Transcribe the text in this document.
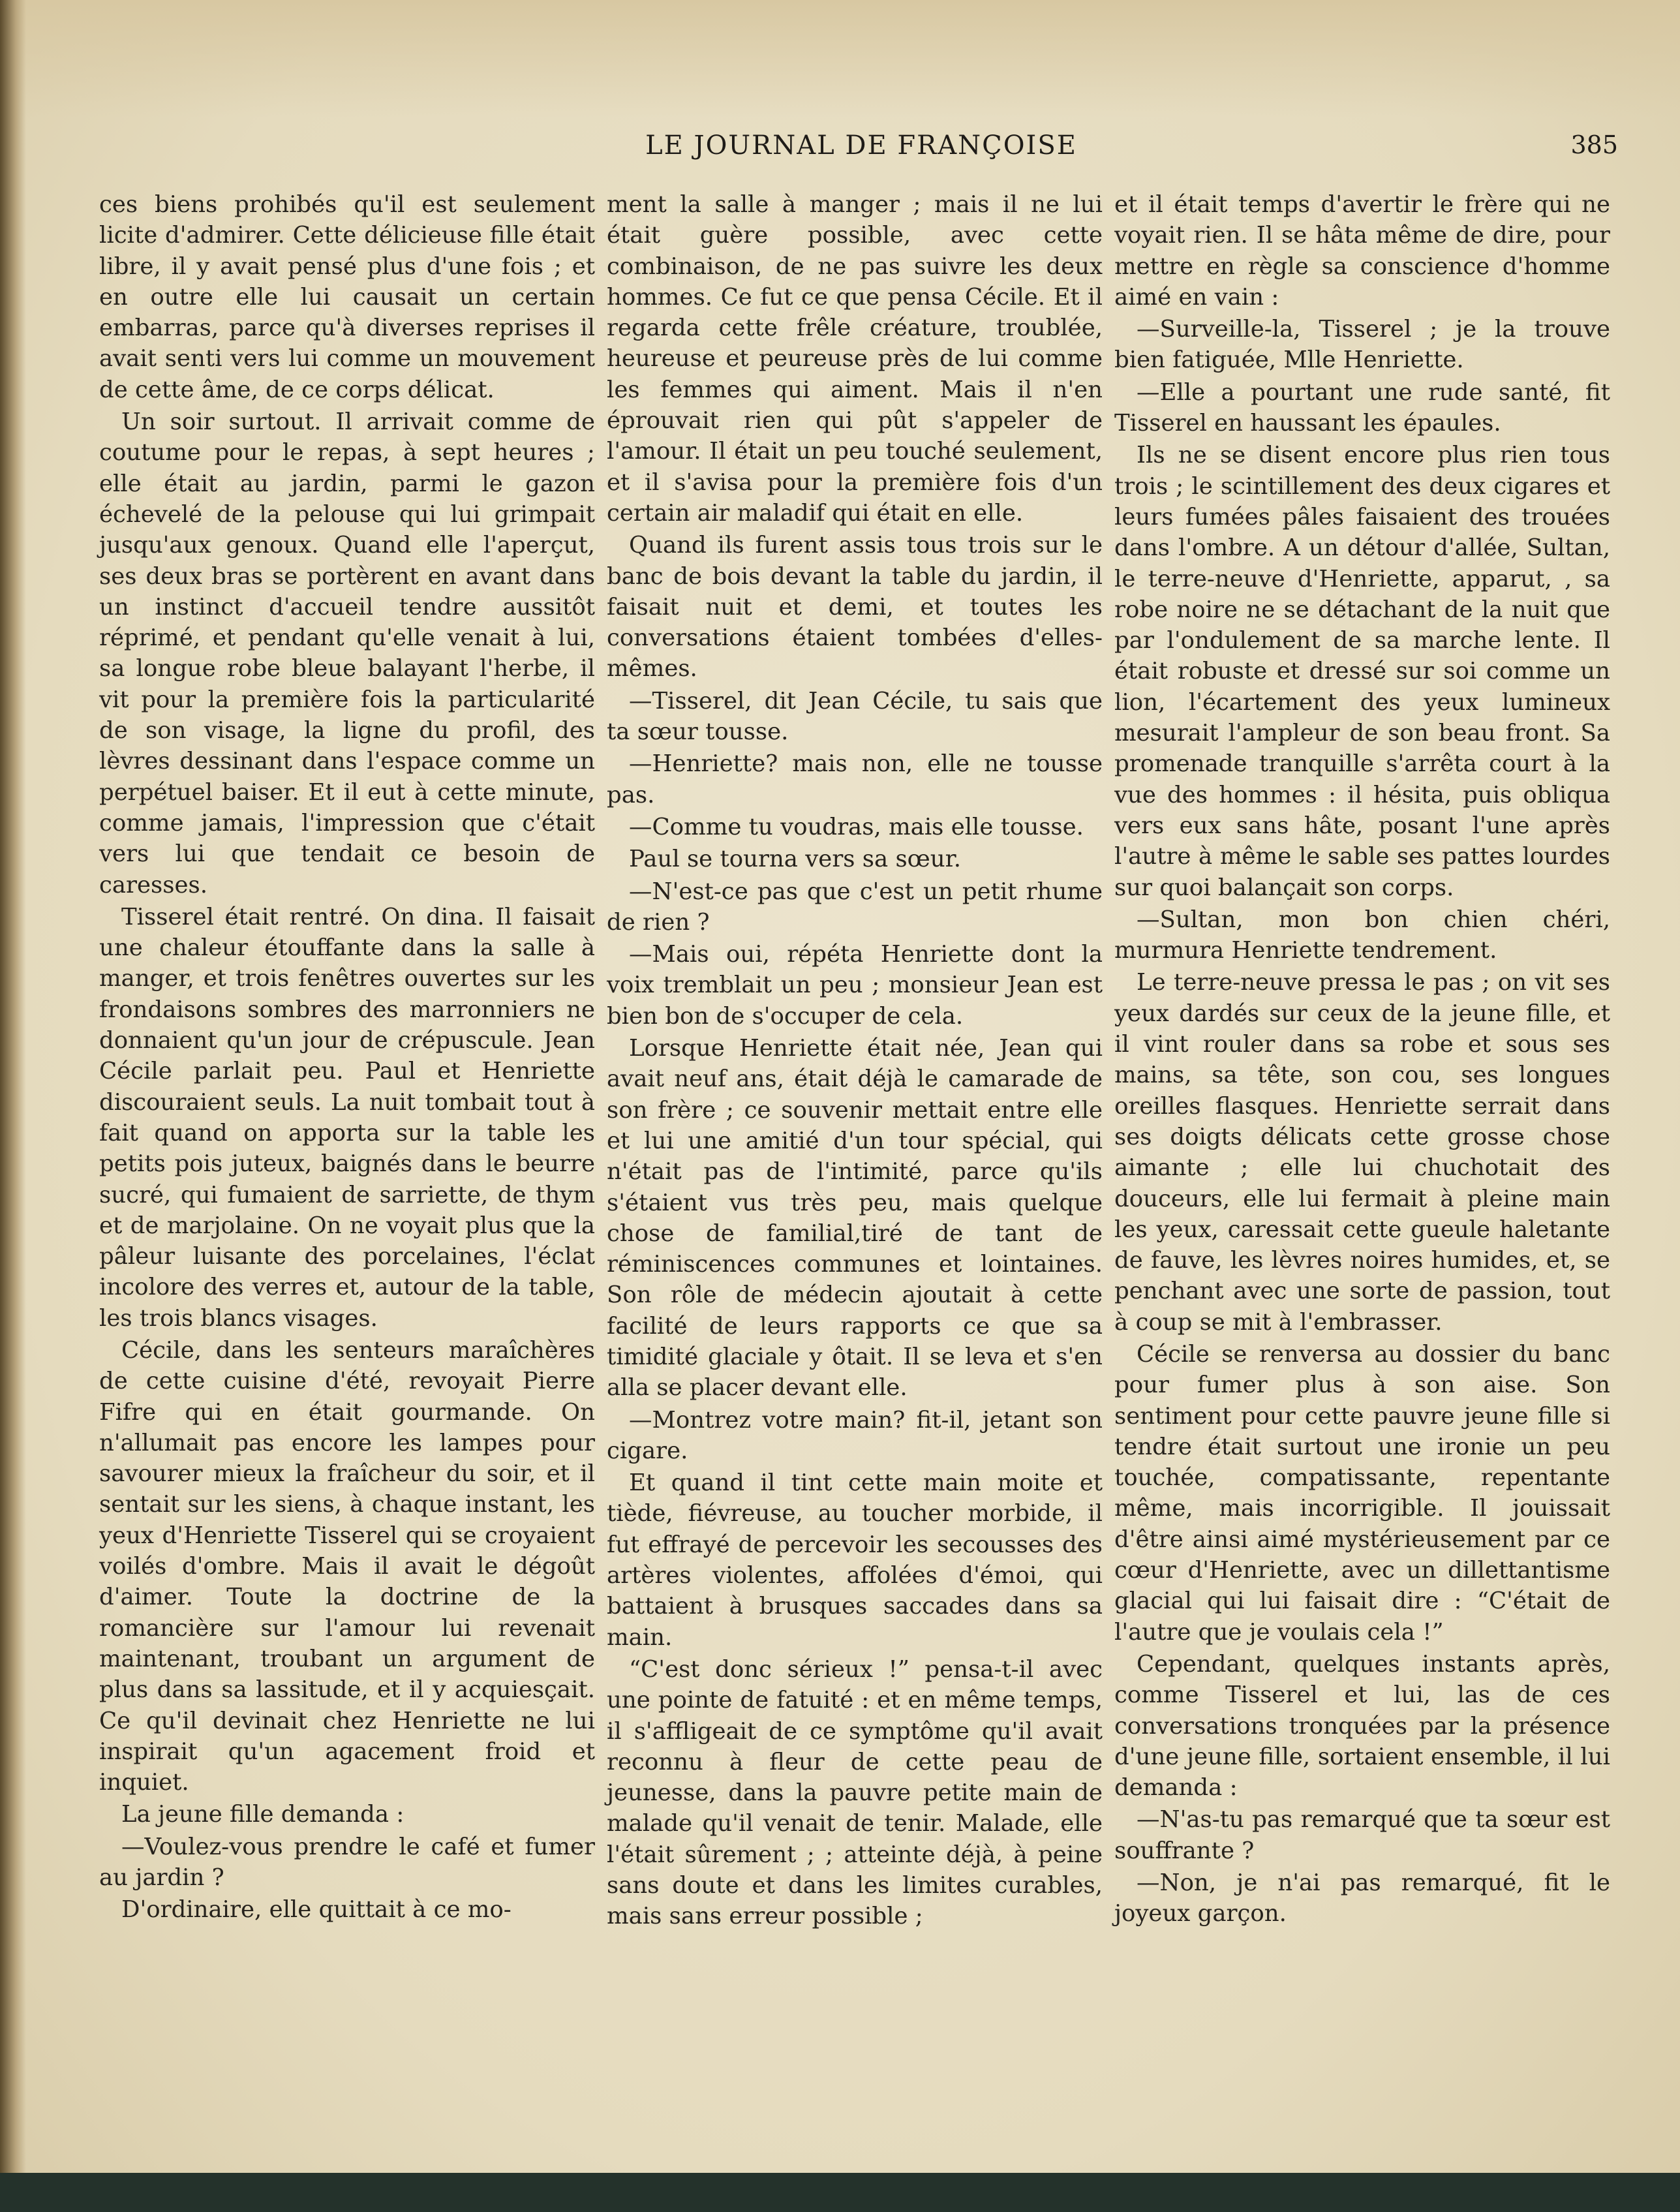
LE JOURNAL DE FRANÇOISE	385

ces biens prohibés qu'il est seulement licite d'admirer. Cette délicieuse fille était libre, il y avait pensé plus d'une fois ; et en outre elle lui causait un certain embarras, parce qu'à diverses reprises il avait senti vers lui comme un mouvement de cette âme, de ce corps délicat.

Un soir surtout. Il arrivait comme de coutume pour le repas, à sept heures ; elle était au jardin, parmi le gazon échevelé de la pelouse qui lui grimpait jusqu'aux genoux. Quand elle l'aperçut, ses deux bras se portèrent en avant dans un instinct d'accueil tendre aussitôt réprimé, et pendant qu'elle venait à lui, sa longue robe bleue balayant l'herbe, il vit pour la première fois la particularité de son visage, la ligne du profil, des lèvres dessinant dans l'espace comme un perpétuel baiser. Et il eut à cette minute, comme jamais, l'impression que c'était vers lui que tendait ce besoin de caresses.

Tisserel était rentré. On dina. Il faisait une chaleur étouffante dans la salle à manger, et trois fenêtres ouvertes sur les frondaisons sombres des marronniers ne donnaient qu'un jour de crépuscule. Jean Cécile parlait peu. Paul et Henriette discouraient seuls. La nuit tombait tout à fait quand on apporta sur la table les petits pois juteux, baignés dans le beurre sucré, qui fumaient de sarriette, de thym et de marjolaine. On ne voyait plus que la pâleur luisante des porcelaines, l'éclat incolore des verres et, autour de la table, les trois blancs visages.

Cécile, dans les senteurs maraîchères de cette cuisine d'été, revoyait Pierre Fifre qui en était gourmande. On n'allumait pas encore les lampes pour savourer mieux la fraîcheur du soir, et il sentait sur les siens, à chaque instant, les yeux d'Henriette Tisserel qui se croyaient voilés d'ombre. Mais il avait le dégoût d'aimer. Toute la doctrine de la romancière sur l'amour lui revenait maintenant, troubant un argument de plus dans sa lassitude, et il y acquiesçait. Ce qu'il devinait chez Henriette ne lui inspirait qu'un agacement froid et inquiet.

La jeune fille demanda :

—Voulez-vous prendre le café et fumer au jardin ?

D'ordinaire, elle quittait à ce mo-

ment la salle à manger ; mais il ne lui était guère possible, avec cette combinaison, de ne pas suivre les deux hommes. Ce fut ce que pensa Cécile. Et il regarda cette frêle créature, troublée, heureuse et peureuse près de lui comme les femmes qui aiment. Mais il n'en éprouvait rien qui pût s'appeler de l'amour. Il était un peu touché seulement, et il s'avisa pour la première fois d'un certain air maladif qui était en elle.

Quand ils furent assis tous trois sur le banc de bois devant la table du jardin, il faisait nuit et demi, et toutes les conversations étaient tombées d'elles-mêmes.

—Tisserel, dit Jean Cécile, tu sais que ta sœur tousse.

—Henriette? mais non, elle ne tousse pas.

—Comme tu voudras, mais elle tousse.

Paul se tourna vers sa sœur.

—N'est-ce pas que c'est un petit rhume de rien ?

—Mais oui, répéta Henriette dont la voix tremblait un peu ; monsieur Jean est bien bon de s'occuper de cela.

Lorsque Henriette était née, Jean qui avait neuf ans, était déjà le camarade de son frère ; ce souvenir mettait entre elle et lui une amitié d'un tour spécial, qui n'était pas de l'intimité, parce qu'ils s'étaient vus très peu, mais quelque chose de familial,tiré de tant de réminiscences communes et lointaines. Son rôle de médecin ajoutait à cette facilité de leurs rapports ce que sa timidité glaciale y ôtait. Il se leva et s'en alla se placer devant elle.

—Montrez votre main? fit-il, jetant son cigare.

Et quand il tint cette main moite et tiède, fiévreuse, au toucher morbide, il fut effrayé de percevoir les secousses des artères violentes, affolées d'émoi, qui battaient à brusques saccades dans sa main.

“C'est donc sérieux !” pensa-t-il avec une pointe de fatuité : et en même temps, il s'affligeait de ce symptôme qu'il avait reconnu à fleur de cette peau de jeunesse, dans la pauvre petite main de malade qu'il venait de tenir. Malade, elle l'était sûrement ; ; atteinte déjà, à peine sans doute et dans les limites curables, mais sans erreur possible ;

et il était temps d'avertir le frère qui ne voyait rien. Il se hâta même de dire, pour mettre en règle sa conscience d'homme aimé en vain :

—Surveille-la, Tisserel ; je la trouve bien fatiguée, Mlle Henriette.

—Elle a pourtant une rude santé, fit Tisserel en haussant les épaules.

Ils ne se disent encore plus rien tous trois ; le scintillement des deux cigares et leurs fumées pâles faisaient des trouées dans l'ombre. A un détour d'allée, Sultan, le terre-neuve d'Henriette, apparut, , sa robe noire ne se détachant de la nuit que par l'ondulement de sa marche lente. Il était robuste et dressé sur soi comme un lion, l'écartement des yeux lumineux mesurait l'ampleur de son beau front. Sa promenade tranquille s'arrêta court à la vue des hommes : il hésita, puis obliqua vers eux sans hâte, posant l'une après l'autre à même le sable ses pattes lourdes sur quoi balançait son corps.

—Sultan, mon bon chien chéri, murmura Henriette tendrement.

Le terre-neuve pressa le pas ; on vit ses yeux dardés sur ceux de la jeune fille, et il vint rouler dans sa robe et sous ses mains, sa tête, son cou, ses longues oreilles flasques. Henriette serrait dans ses doigts délicats cette grosse chose aimante ; elle lui chuchotait des douceurs, elle lui fermait à pleine main les yeux, caressait cette gueule haletante de fauve, les lèvres noires humides, et, se penchant avec une sorte de passion, tout à coup se mit à l'embrasser.

Cécile se renversa au dossier du banc pour fumer plus à son aise. Son sentiment pour cette pauvre jeune fille si tendre était surtout une ironie un peu touchée, compatissante, repentante même, mais incorrigible. Il jouissait d'être ainsi aimé mystérieusement par ce cœur d'Henriette, avec un dillettantisme glacial qui lui faisait dire : “C'était de l'autre que je voulais cela !”

Cependant, quelques instants après, comme Tisserel et lui, las de ces conversations tronquées par la présence d'une jeune fille, sortaient ensemble, il lui demanda :

—N'as-tu pas remarqué que ta sœur est souffrante ?

—Non, je n'ai pas remarqué, fit le joyeux garçon.
